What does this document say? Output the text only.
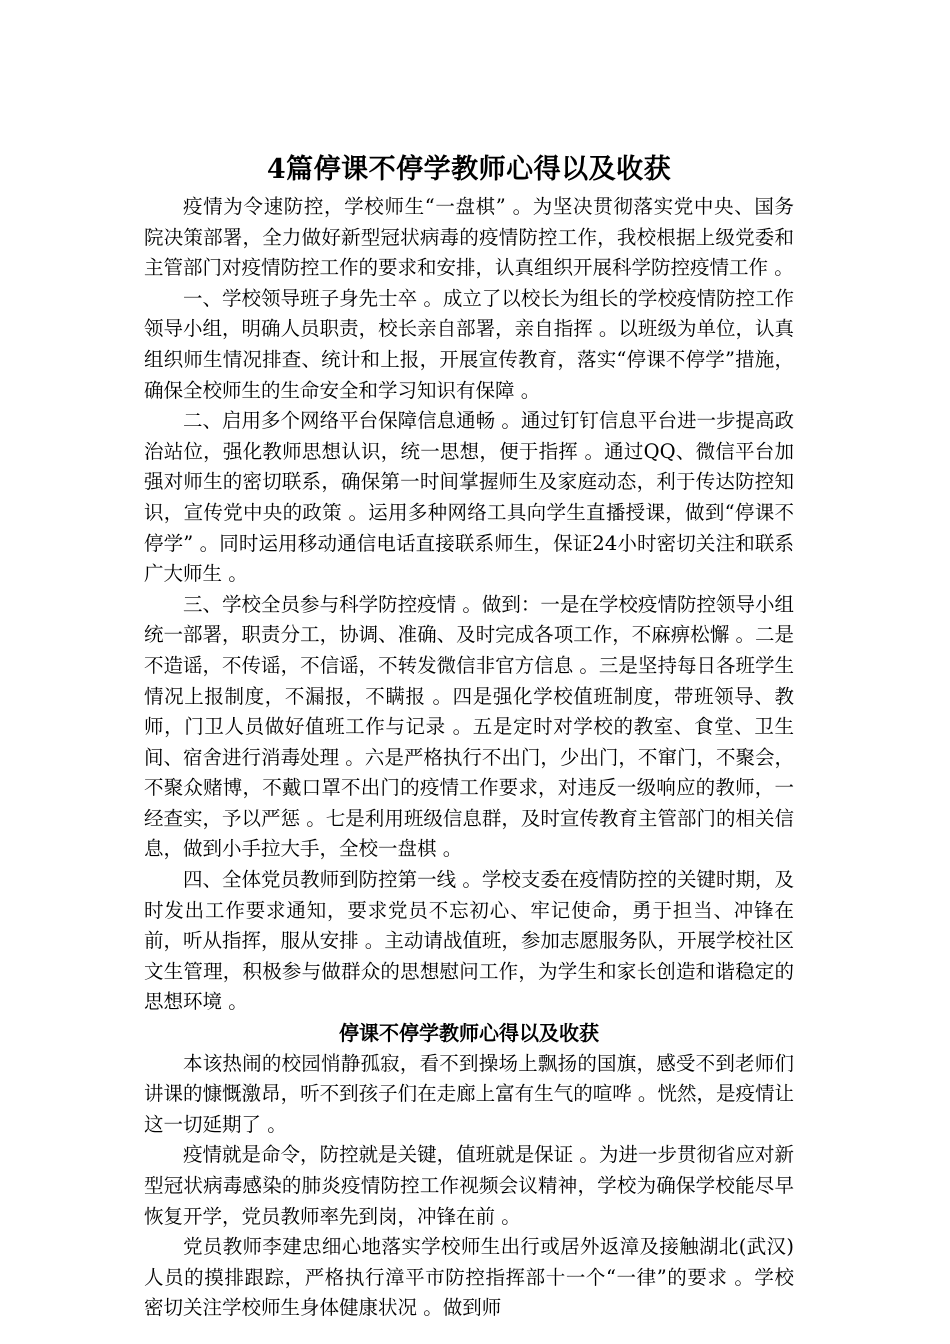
4篇停课不停学教师心得以及收获

疫情为令速防控，学校师生“一盘棋” 。为坚决贯彻落实党中央、国务院决策部署，全力做好新型冠状病毒的疫情防控工作，我校根据上级党委和主管部门对疫情防控工作的要求和安排，认真组织开展科学防控疫情工作 。

一、学校领导班子身先士卒 。成立了以校长为组长的学校疫情防控工作领导小组，明确人员职责，校长亲自部署，亲自指挥 。以班级为单位，认真组织师生情况排查、统计和上报，开展宣传教育，落实“停课不停学”措施，确保全校师生的生命安全和学习知识有保障 。

二、启用多个网络平台保障信息通畅 。通过钉钉信息平台进一步提高政治站位，强化教师思想认识，统一思想，便于指挥 。通过QQ、微信平台加强对师生的密切联系，确保第一时间掌握师生及家庭动态，利于传达防控知识，宣传党中央的政策 。运用多种网络工具向学生直播授课，做到“停课不停学” 。同时运用移动通信电话直接联系师生，保证24小时密切关注和联系广大师生 。

三、学校全员参与科学防控疫情 。做到：一是在学校疫情防控领导小组统一部署，职责分工，协调、准确、及时完成各项工作，不麻痹松懈 。二是不造谣，不传谣，不信谣，不转发微信非官方信息 。三是坚持每日各班学生情况上报制度，不漏报，不瞒报 。四是强化学校值班制度，带班领导、教师，门卫人员做好值班工作与记录 。五是定时对学校的教室、食堂、卫生间、宿舍进行消毒处理 。六是严格执行不出门，少出门，不窜门，不聚会，不聚众赌博，不戴口罩不出门的疫情工作要求，对违反一级响应的教师，一经查实，予以严惩 。七是利用班级信息群，及时宣传教育主管部门的相关信息，做到小手拉大手，全校一盘棋 。

四、全体党员教师到防控第一线 。学校支委在疫情防控的关键时期，及时发出工作要求通知，要求党员不忘初心、牢记使命，勇于担当、冲锋在前，听从指挥，服从安排 。主动请战值班，参加志愿服务队，开展学校社区文生管理，积极参与做群众的思想慰问工作，为学生和家长创造和谐稳定的思想环境 。

停课不停学教师心得以及收获

本该热闹的校园悄静孤寂，看不到操场上飘扬的国旗，感受不到老师们讲课的慷慨激昂，听不到孩子们在走廊上富有生气的喧哗 。恍然，是疫情让这一切延期了 。

疫情就是命令，防控就是关键，值班就是保证 。为进一步贯彻省应对新型冠状病毒感染的肺炎疫情防控工作视频会议精神，学校为确保学校能尽早恢复开学，党员教师率先到岗，冲锋在前 。

党员教师李建忠细心地落实学校师生出行或居外返漳及接触湖北(武汉)人员的摸排跟踪，严格执行漳平市防控指挥部十一个“一律”的要求 。学校密切关注学校师生身体健康状况 。做到师
